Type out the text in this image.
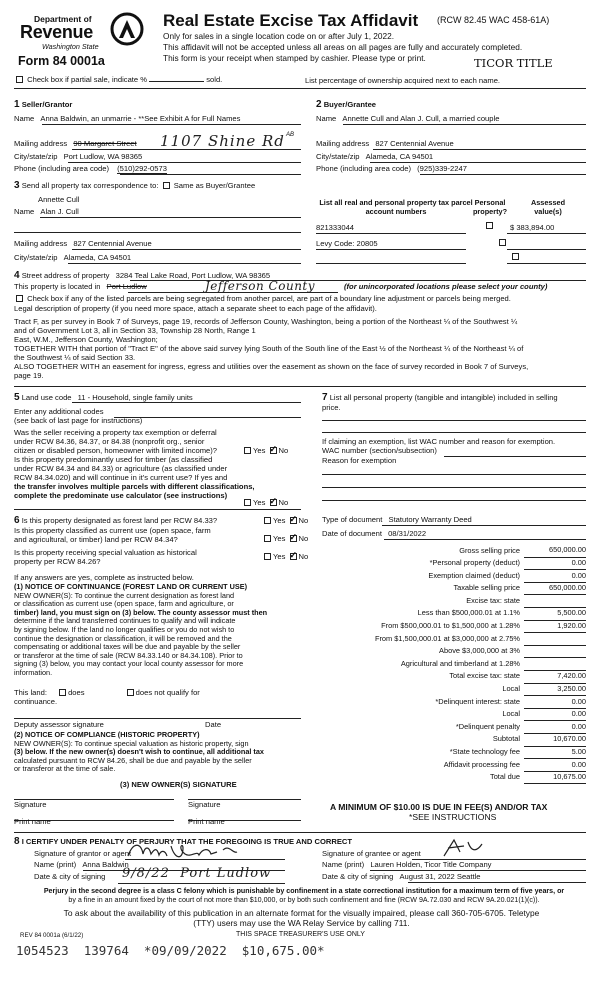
Department of
Revenue
Washington State
Form 84 0001a
Real Estate Excise Tax Affidavit (RCW 82.45 WAC 458-61A)
Only for sales in a single location code on or after July 1, 2022.
This affidavit will not be accepted unless all areas on all pages are fully and accurately completed.
This form is your receipt when stamped by cashier. Please type or print.	TICOR TITLE
Check box if partial sale, indicate %	sold.	List percentage of ownership acquired next to each name.
1 Seller/Grantor
Name Anna Baldwin, an unmarrie - **See Exhibit A for Full Names
2 Buyer/Grantee
Name Annette Cull and Alan J. Cull, a married couple
Mailing address 90 Margaret Street	1107 Shine Rd AB
City/state/zip Port Ludlow, WA 98365
Phone (including area code) (510)292-0573
Mailing address 827 Centennial Avenue
City/state/zip Alameda, CA 94501
Phone (including area code) (925)339-2247
3 Send all property tax correspondence to: Same as Buyer/Grantee
Annette Cull
Name Alan J. Cull
Mailing address 827 Centennial Avenue
City/state/zip Alameda, CA 94501
List all real and personal property tax parcel account numbers
Personal property?
Assessed value(s)
821333044
	$ 383,894.00
Levy Code: 20805

4 Street address of property 3284 Teal Lake Road, Port Ludlow, WA 98365
This property is located in Port Ludlow	Jefferson County	(for unincorporated locations please select your county)
Check box if any of the listed parcels are being segregated from another parcel, are part of a boundary line adjustment or parcels being merged.
Legal description of property (if you need more space, attach a separate sheet to each page of the affidavit).
Tract F, as per survey in Book 7 of Surveys, page 19, records of Jefferson County, Washington, being a portion of the Northeast ¼ of the Southwest ¼
and of Government Lot 3, all in Section 33, Township 28 North, Range 1
East, W.M., Jefferson County, Washington;
TOGETHER WITH that portion of "Tract E" of the above said survey lying South of the South line of the East ½ of the Northeast ¼ of the Northeast ¼ of
the Southwest ¼ of said Section 33.
ALSO TOGETHER WITH an easement for ingress, egress and utilities over the easement as shown on the face of survey recorded in Book 7 of Surveys,
page 19.
5 Land use code 11 - Household, single family units
Enter any additional codes
(see back of last page for instructions)
Was the seller receiving a property tax exemption or deferral
under RCW 84.36, 84.37, or 84.38 (nonprofit org., senior
citizen or disabled person, homeowner with limited income)?	Yes ✓ No
Is this property predominantly used for timber (as classified
under RCW 84.34 and 84.33) or agriculture (as classified under
RCW 84.34.020) and will continue in it's current use? If yes and
the transfer involves multiple parcels with different classifications,
complete the predominate use calculator (see instructions)
Yes ✓ No
7 List all personal property (tangible and intangible) included in selling
price.
If claiming an exemption, list WAC number and reason for exemption.
WAC number (section/subsection)
Reason for exemption
6 Is this property designated as forest land per RCW 84.33?	Yes ✓ No
Is this property classified as current use (open space, farm
and agricultural, or timber) land per RCW 84.34?	Yes ✓ No
Is this property receiving special valuation as historical
property per RCW 84.26?
Yes ✓ No
If any answers are yes, complete as instructed below.
(1) NOTICE OF CONTINUANCE (FOREST LAND OR CURRENT USE)
NEW OWNER(S): To continue the current designation as forest land
or classification as current use (open space, farm and agriculture, or
timber) land, you must sign on (3) below. The county assessor must then
determine if the land transferred continues to qualify and will indicate
by signing below. If the land no longer qualifies or you do not wish to
continue the designation or classification, it will be removed and the
compensating or additional taxes will be due and payable by the seller
or transferor at the time of sale (RCW 84.33.140 or 84.34.108). Prior to
signing (3) below, you may contact your local county assessor for more
information.
This land:	does	does not qualify for
continuance.
Deputy assessor signature	Date
(2) NOTICE OF COMPLIANCE (HISTORIC PROPERTY)
NEW OWNER(S): To continue special valuation as historic property, sign
(3) below. If the new owner(s) doesn't wish to continue, all additional tax
calculated pursuant to RCW 84.26, shall be due and payable by the seller
or transferor at the time of sale.
(3) NEW OWNER(S) SIGNATURE
Signature	Signature
Print name	Print name
Type of document Statutory Warranty Deed
Date of document 08/31/2022
Gross selling price	650,000.00
*Personal property (deduct)	0.00
Exemption claimed (deduct)	0.00
Taxable selling price	650,000.00
Excise tax: state	
Less than $500,000.01 at 1.1%	5,500.00
From $500,000.01 to $1,500,000 at 1.28%	1,920.00
From $1,500,000.01 at $3,000,000 at 2.75%	
Above $3,000,000 at 3%	
Agricultural and timberland at 1.28%	
Total excise tax: state	7,420.00
Local	3,250.00
*Delinquent interest: state	0.00
Local	0.00
*Delinquent penalty	0.00
Subtotal	10,670.00
*State technology fee	5.00
Affidavit processing fee	0.00
Total due	10,675.00
A MINIMUM OF $10.00 IS DUE IN FEE(S) AND/OR TAX
*SEE INSTRUCTIONS
8 I CERTIFY UNDER PENALTY OF PERJURY THAT THE FOREGOING IS TRUE AND CORRECT
Signature of grantor or agent
Name (print) Anna Baldwin
Date & city of signing 9/8/22  Port Ludlow
Signature of grantee or agent
Name (print) Lauren Holden, Ticor Title Company
Date & city of signing August 31, 2022 Seattle
Perjury in the second degree is a class C felony which is punishable by confinement in a state correctional institution for a maximum term of five years, or
by a fine in an amount fixed by the court of not more than $10,000, or by both such confinement and fine (RCW 9A.72.030 and RCW 9A.20.021(1)(c)).
To ask about the availability of this publication in an alternate format for the visually impaired, please call 360-705-6705. Teletype
(TTY) users may use the WA Relay Service by calling 711.
REV 84 0001a (6/1/22)	THIS SPACE TREASURER'S USE ONLY
1054523  139764  *09/09/2022  $10,675.00*
